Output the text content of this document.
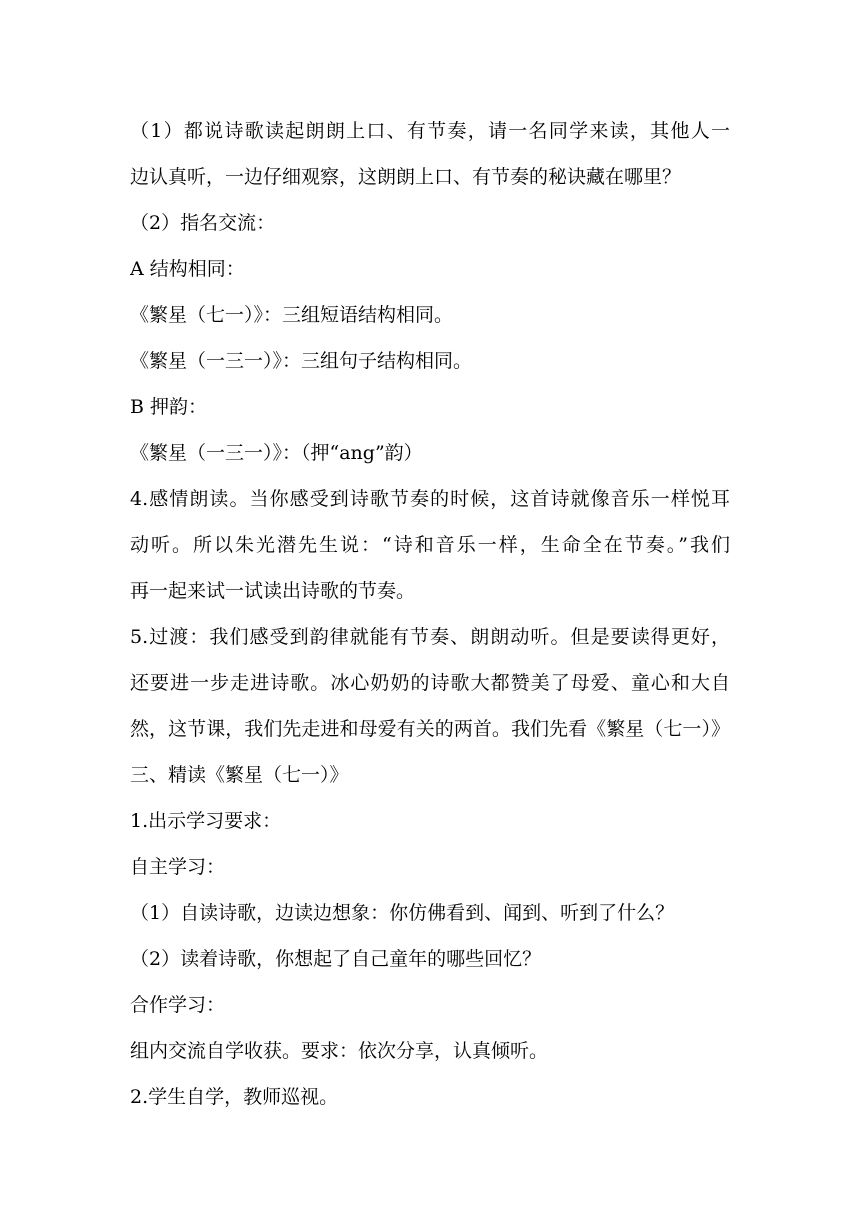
（1）都说诗歌读起朗朗上口、有节奏，请一名同学来读，其他人一
边认真听，一边仔细观察，这朗朗上口、有节奏的秘诀藏在哪里？
（2）指名交流：
A 结构相同：
《繁星（七一）》：三组短语结构相同。
《繁星（一三一）》：三组句子结构相同。
B 押韵：
《繁星（一三一）》：（押“ang”韵）
4.感情朗读。当你感受到诗歌节奏的时候，这首诗就像音乐一样悦耳
动听。所以朱光潜先生说：“诗和音乐一样，生命全在节奏。”我们
再一起来试一试读出诗歌的节奏。
5.过渡：我们感受到韵律就能有节奏、朗朗动听。但是要读得更好，
还要进一步走进诗歌。冰心奶奶的诗歌大都赞美了母爱、童心和大自
然，这节课，我们先走进和母爱有关的两首。我们先看《繁星（七一）》
三、精读《繁星（七一）》
1.出示学习要求：
自主学习：
（1）自读诗歌，边读边想象：你仿佛看到、闻到、听到了什么？
（2）读着诗歌，你想起了自己童年的哪些回忆？
合作学习：
组内交流自学收获。要求：依次分享，认真倾听。
2.学生自学，教师巡视。
